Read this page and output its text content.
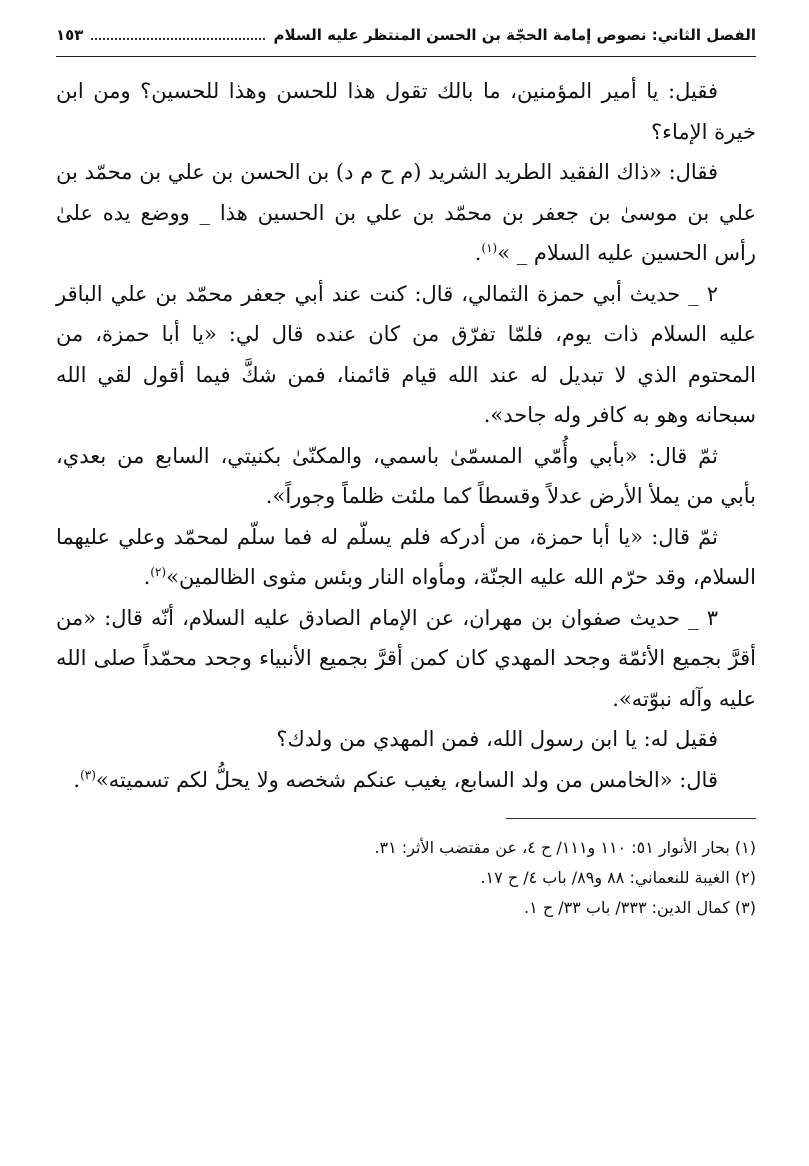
الفصل الثاني: نصوص إمامة الحجّة بن الحسن المنتظر عليه السلام
١٥٣

فقيل: يا أمير المؤمنين، ما بالك تقول هذا للحسن وهذا للحسين؟ ومن ابن خيرة الإماء؟

فقال: «ذاك الفقيد الطريد الشريد (م ح م د) بن الحسن بن علي بن محمّد بن علي بن موسىٰ بن جعفر بن محمّد بن علي بن الحسين هذا _ ووضع يده علىٰ رأس الحسين عليه السلام _ »$^{(١)}$.

٢ _ حديث أبي حمزة الثمالي، قال: كنت عند أبي جعفر محمّد بن علي الباقر عليه السلام ذات يوم، فلمّا تفرّق من كان عنده قال لي: «يا أبا حمزة، من المحتوم الذي لا تبديل له عند الله قيام قائمنا، فمن شكَّ فيما أقول لقي الله سبحانه وهو به كافر وله جاحد».

ثمّ قال: «بأبي وأُمّي المسمّىٰ باسمي، والمكنّىٰ بكنيتي، السابع من بعدي، بأبي من يملأ الأرض عدلاً وقسطاً كما ملئت ظلماً وجوراً».

ثمّ قال: «يا أبا حمزة، من أدركه فلم يسلّم له فما سلّم لمحمّد وعلي عليهما السلام، وقد حرّم الله عليه الجنّة، ومأواه النار وبئس مثوى الظالمين»$^{(٢)}$.

٣ _ حديث صفوان بن مهران، عن الإمام الصادق عليه السلام، أنّه قال: «من أقرَّ بجميع الأئمّة وجحد المهدي كان كمن أقرَّ بجميع الأنبياء وجحد محمّداً صلى الله عليه وآله نبوّته».

فقيل له: يا ابن رسول الله، فمن المهدي من ولدك؟

قال: «الخامس من ولد السابع، يغيب عنكم شخصه ولا يحلُّ لكم تسميته»$^{(٣)}$.

(١) بحار الأنوار ٥١: ١١٠ و١١١/ ح ٤، عن مقتضب الأثر: ٣١.

(٢) الغيبة للنعماني: ٨٨ و٨٩/ باب ٤/ ح ١٧.

(٣) كمال الدين: ٣٣٣/ باب ٣٣/ ح ١.
